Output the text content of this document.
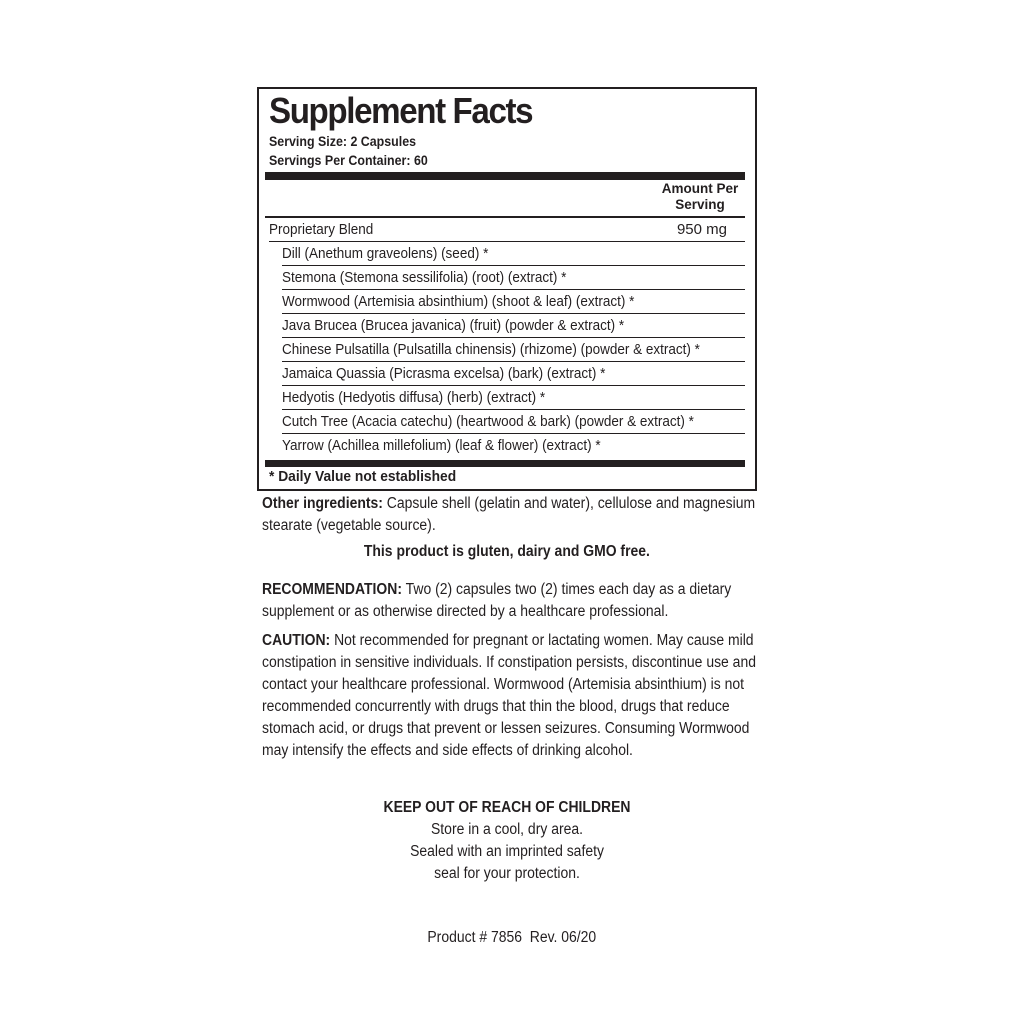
Supplement Facts
Serving Size: 2 Capsules
Servings Per Container: 60
Amount Per
Serving
Proprietary Blend	950 mg
Dill (Anethum graveolens) (seed) *
Stemona (Stemona sessilifolia) (root) (extract) *
Wormwood (Artemisia absinthium) (shoot & leaf) (extract) *
Java Brucea (Brucea javanica) (fruit) (powder & extract) *
Chinese Pulsatilla (Pulsatilla chinensis) (rhizome) (powder & extract) *
Jamaica Quassia (Picrasma excelsa) (bark) (extract) *
Hedyotis (Hedyotis diffusa) (herb) (extract) *
Cutch Tree (Acacia catechu) (heartwood & bark) (powder & extract) *
Yarrow (Achillea millefolium) (leaf & flower) (extract) *
* Daily Value not established
Other ingredients: Capsule shell (gelatin and water), cellulose and magnesium stearate (vegetable source).
This product is gluten, dairy and GMO free.
RECOMMENDATION: Two (2) capsules two (2) times each day as a dietary supplement or as otherwise directed by a healthcare professional.
CAUTION: Not recommended for pregnant or lactating women. May cause mild constipation in sensitive individuals. If constipation persists, discontinue use and contact your healthcare professional. Wormwood (Artemisia absinthium) is not recommended concurrently with drugs that thin the blood, drugs that reduce stomach acid, or drugs that prevent or lessen seizures. Consuming Wormwood may intensify the effects and side effects of drinking alcohol.
KEEP OUT OF REACH OF CHILDREN
Store in a cool, dry area.
Sealed with an imprinted safety
seal for your protection.

Product # 7856  Rev. 06/20
